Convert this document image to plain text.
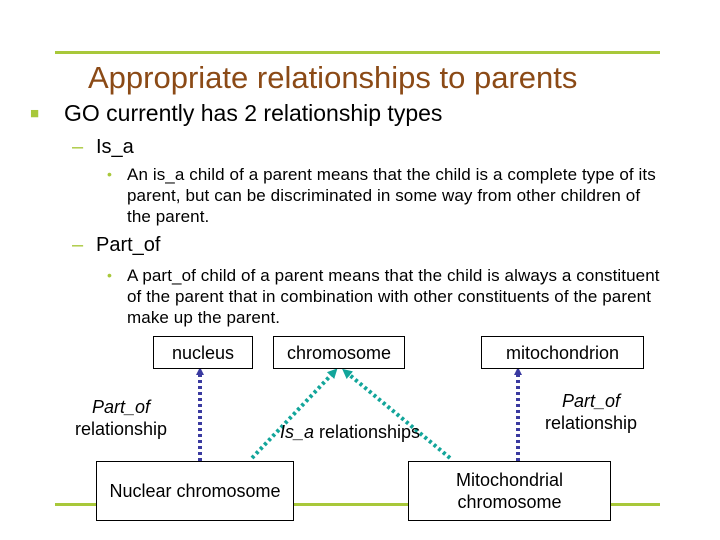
Appropriate relationships to parents
■ GO currently has 2 relationship types
– Is_a
• An is_a child of a parent means that the child is a complete type of its parent, but can be discriminated in some way from other children of the parent.
– Part_of
• A part_of child of a parent means that the child is always a constituent of the parent that in combination with other constituents of the parent make up the parent.
nucleus	chromosome	mitochondrion
Nuclear chromosome
Mitochondrial chromosome
Part_of
relationship	Is_a relationships
Part_of
relationship
